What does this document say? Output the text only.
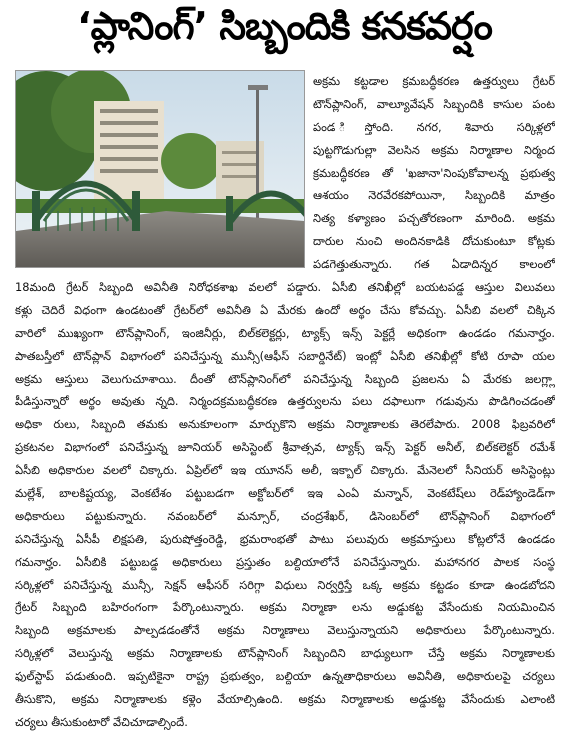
‘ప్లానింగ్’ సిబ్బందికి కనకవర్షం
అక్రమ కట్టడాల క్రమబద్ధీకరణ ఉత్తర్వులు గ్రేటర్
టౌన్‌ప్లానింగ్, వాల్యూవేషన్ సిబ్బందికి కాసుల పంట
పండ ిస్తోంది. నగర, శివారు సర్కిళ్లలో
పుట్టగొడుగుల్లా వెలసిన అక్రమ నిర్మాణాల నిర్మంద
క్రమబద్ధీకరణ తో 'ఖజానా'నింపుకోవాలన్న ప్రభుత్వ
ఆశయం నెరవేరకపోయినా, సిబ్బందికి మాత్రం
నిత్య కళ్యాణం పచ్చతోరణంగా మారింది. అక్రమ
దారుల నుంచి అందినకాడికి దోచుకుంటూ కోట్లకు
పడగెత్తుతున్నారు. గత ఏడాదిన్నర కాలంలో
18మంది గ్రేటర్ సిబ్బంది అవినీతి నిరోధకశాఖ వలలో పడ్డారు. ఏసీబి తనిఖీల్లో బయటపడ్డ ఆస్తుల విలువలు
కళ్లు చెదిరే విధంగా ఉండటంతో గ్రేటర్‌లో అవినీతి ఏ మేరకు ఉందో అర్థం చేసు కోవచ్చు. ఏసీబి వలలో చిక్కిన
వారిలో ముఖ్యంగా టౌన్‌ప్లానింగ్, ఇంజినీర్లు, బిల్‌కలెక్టర్లు, ట్యాక్స్ ఇన్స్ పెక్టర్లే అధికంగా ఉండడం గమనార్హం.
పాతబస్తీలో టౌన్‌ప్లాన్ విభాగంలో పనిచేస్తున్న మున్సీ(ఆఫీస్ సబార్డినేట్) ఇంట్లో ఏసీబి తనిఖీల్లో కోటి రూపా యల
అక్రమ ఆస్తులు వెలుగుచూశాయి. దీంతో టౌన్‌ప్లానింగ్‌లో పనిచేస్తున్న సిబ్బంది ప్రజలను ఏ మేరకు జలగ్ల్లా
పీడిస్తున్నారో అర్థం అవుతు న్నది. నిర్మందక్రమబద్ధీకరణ ఉత్తర్వులను పలు దఫాలుగా గడువును పొడిగించడంతో
అధికా రులు, సిబ్బంది తమకు అనుకూలంగా మార్చుకొని అక్రమ నిర్మాణాలకు తెరలేపారు. 2008 ఫిబ్రవరిలో
ప్రకటనల విభాగంలో పనిచేస్తున్న జూనియర్ అసిస్టెంట్ శ్రీవాత్సవ, ట్యాక్స్ ఇన్స్ పెక్టర్ అనీల్, బిల్‌కలెక్టర్ రమేశ్
ఏసీబి అధికారుల వలలో చిక్కారు. ఏప్రిల్‌లో ఇఇ యూనస్ అలీ, ఇక్బాల్ చిక్కారు. మేనెలలో సీనియర్ అసిస్టెంట్లు
మల్లేశ్, బాలకిష్టయ్య, వెంకటేశం పట్టుబడగా అక్టోబర్‌లో ఇఇ ఎంఏ మన్నాన్, వెంకటేష్‌లు రెడ్‌హ్యాండెడ్‌గా
అధికారులు పట్టుకున్నారు. నవంబర్‌లో మన్సూర్, చంద్రశేఖర్, డిసెంబర్‌లో టౌన్‌ప్లానింగ్ విభాగంలో
పనిచేస్తున్న ఏసీపీ లిక్షపతి, పురుషోత్తంరెడ్డి, భ్రమరాంభతో పాటు పలువురు అక్రమాస్తులు కోట్లలోనే ఉండడం
గమనార్హం. ఏసీబికి పట్టుబడ్డ అధికారులు ప్రస్తుతం బల్దియాలోనే పనిచేస్తున్నారు. మహానగర పాలక సంస్థ
సర్కిళ్లలో పనిచేస్తున్న మున్సీ, సెక్షన్ ఆఫీసర్ సరిగ్గా విధులు నిర్వర్తిస్తే ఒక్క అక్రమ కట్టడం కూడా ఉండబోదని
గ్రేటర్ సిబ్బంది బహిరంగంగా పేర్కొంటున్నారు. అక్రమ నిర్మాణా లను అడ్డుకట్ట వేసేందుకు నియమించిన
సిబ్బంది అక్రమాలకు పాల్పడడంతోనే అక్రమ నిర్మాణాలు వెలుస్తున్నాయని అధికారులు పేర్కొంటున్నారు.
సర్కిళ్లలో వెలుస్తున్న అక్రమ నిర్మాణాలకు టౌన్‌ప్లానింగ్ సిబ్బందిని బాధ్యులుగా చేస్తే అక్రమ నిర్మాణాలకు
ఫుల్‌స్టాప్ పడుతుంది. ఇప్పటికైనా రాష్ట్ర ప్రభుత్వం, బల్దియా ఉన్నతాధికారులు అవినీతి, అధికారులపై చర్యలు
తీసుకొని, అక్రమ నిర్మాణాలకు కళ్లెం వేయాల్సిఉంది. అక్రమ నిర్మాణాలకు అడ్డుకట్ట వేసేందుకు ఎలాంటి
చర్యలు తీసుకుంటారో వేచిచూడాల్సిందే.
